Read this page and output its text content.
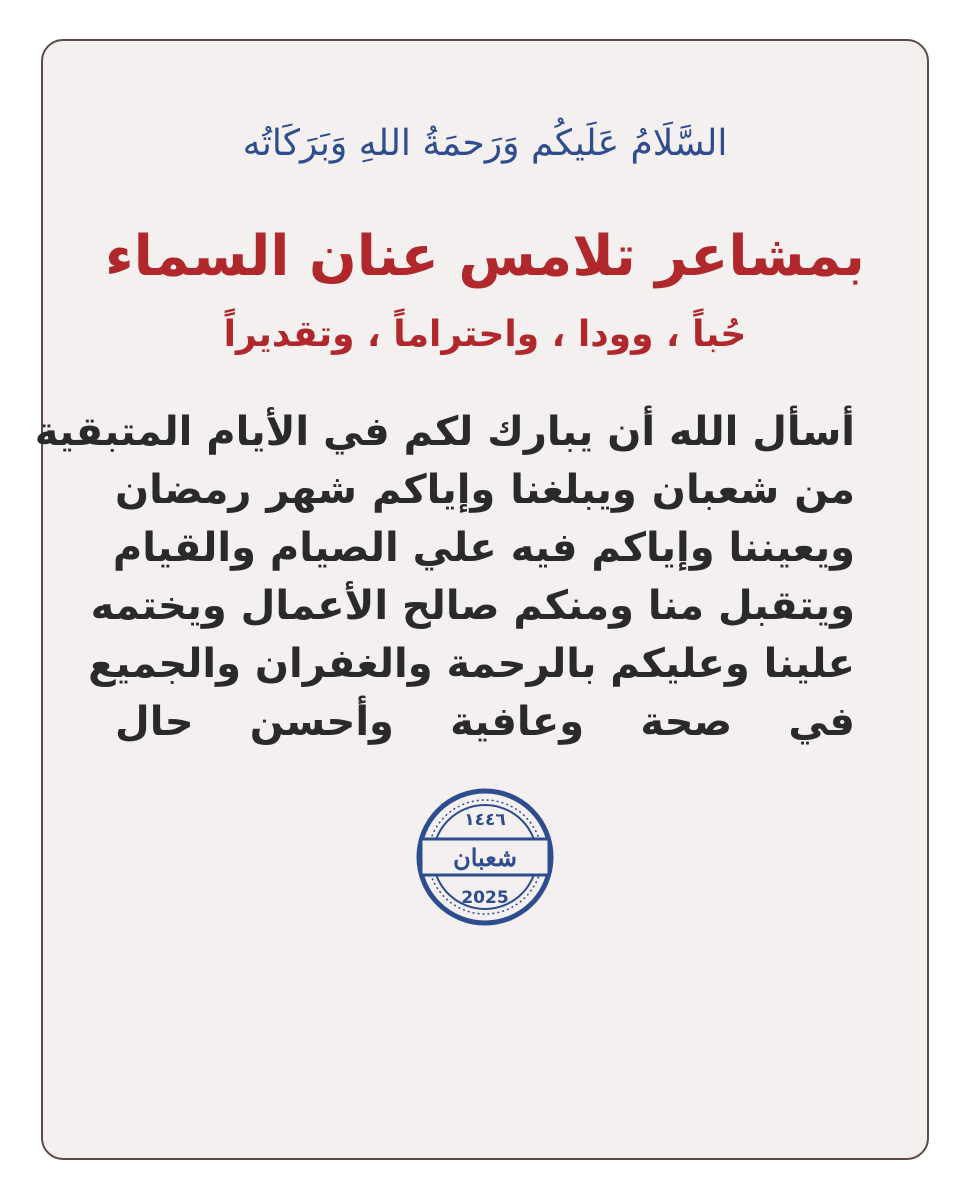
السَّلَامُ عَلَيكُم وَرَحمَةُ اللهِ وَبَرَكَاتُه

بمشاعر تلامس عنان السماء
حُباً ، وودا ، واحتراماً ، وتقديراً
أسأل الله أن يبارك لكم في الأيام المتبقية
من شعبان ويبلغنا وإياكم شهر رمضان
ويعيننا وإياكم فيه علي الصيام والقيام
ويتقبل منا ومنكم صالح الأعمال ويختمه
علينا وعليكم بالرحمة والغفران والجميع
في صحة وعافية وأحسن حال
١٤٤٦
شعبان
2025
